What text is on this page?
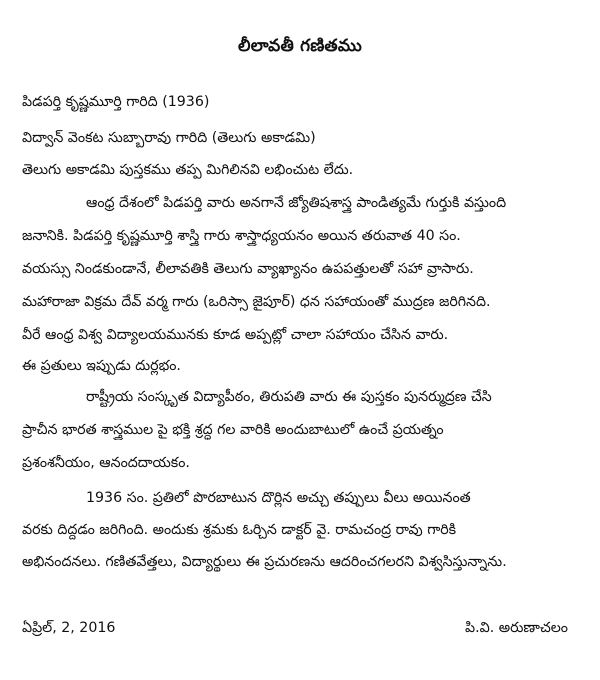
లీలావతీ గణితము
పిడపర్తి కృష్ణమూర్తి గారిది (1936)
విద్వాన్ వెంకట సుబ్బారావు గారిది (తెలుగు అకాడమి)
తెలుగు అకాడమి పుస్తకము తప్ప మిగిలినవి లభించుట లేదు.
ఆంధ్ర దేశంలో పిడపర్తి వారు అనగానే జ్యోతిషశాస్త్ర పాండిత్యమే గుర్తుకి వస్తుంది
జనానికి. పిడపర్తి కృష్ణమూర్తి శాస్త్రి గారు శాస్త్రాధ్యయనం అయిన తరువాత 40 సం.
వయస్సు నిండకుండానే, లీలావతికి తెలుగు వ్యాఖ్యానం ఉపపత్తులతో సహా వ్రాసారు.
మహారాజా విక్రమ దేవ్ వర్మ గారు (ఒరిస్సా జైపూర్) ధన సహాయంతో ముద్రణ జరిగినది.
వీరే ఆంధ్ర విశ్వ విద్యాలయమునకు కూడ అప్పట్లో చాలా సహాయం చేసిన వారు.
ఈ ప్రతులు ఇప్పుడు దుర్లభం.
రాష్ట్రీయ సంస్కృత విద్యాపీఠం, తిరుపతి వారు ఈ పుస్తకం పునర్ముద్రణ చేసి
ప్రాచీన భారత శాస్త్రముల పై భక్తి శ్రద్ధ గల వారికి అందుబాటులో ఉంచే ప్రయత్నం
ప్రశంశనీయం, ఆనందదాయకం.
1936 సం. ప్రతిలో పొరబాటున దొర్లిన అచ్చు తప్పులు వీలు అయినంత
వరకు దిద్దడం జరిగింది. అందుకు శ్రమకు ఓర్చిన డాక్టర్ వై. రామచంద్ర రావు గారికి
అభినందనలు. గణితవేత్తలు, విద్యార్థులు ఈ ప్రచురణను ఆదరించగలరని విశ్వసిస్తున్నాను.
ఏప్రిల్, 2, 2016	పి.వి. అరుణాచలం
